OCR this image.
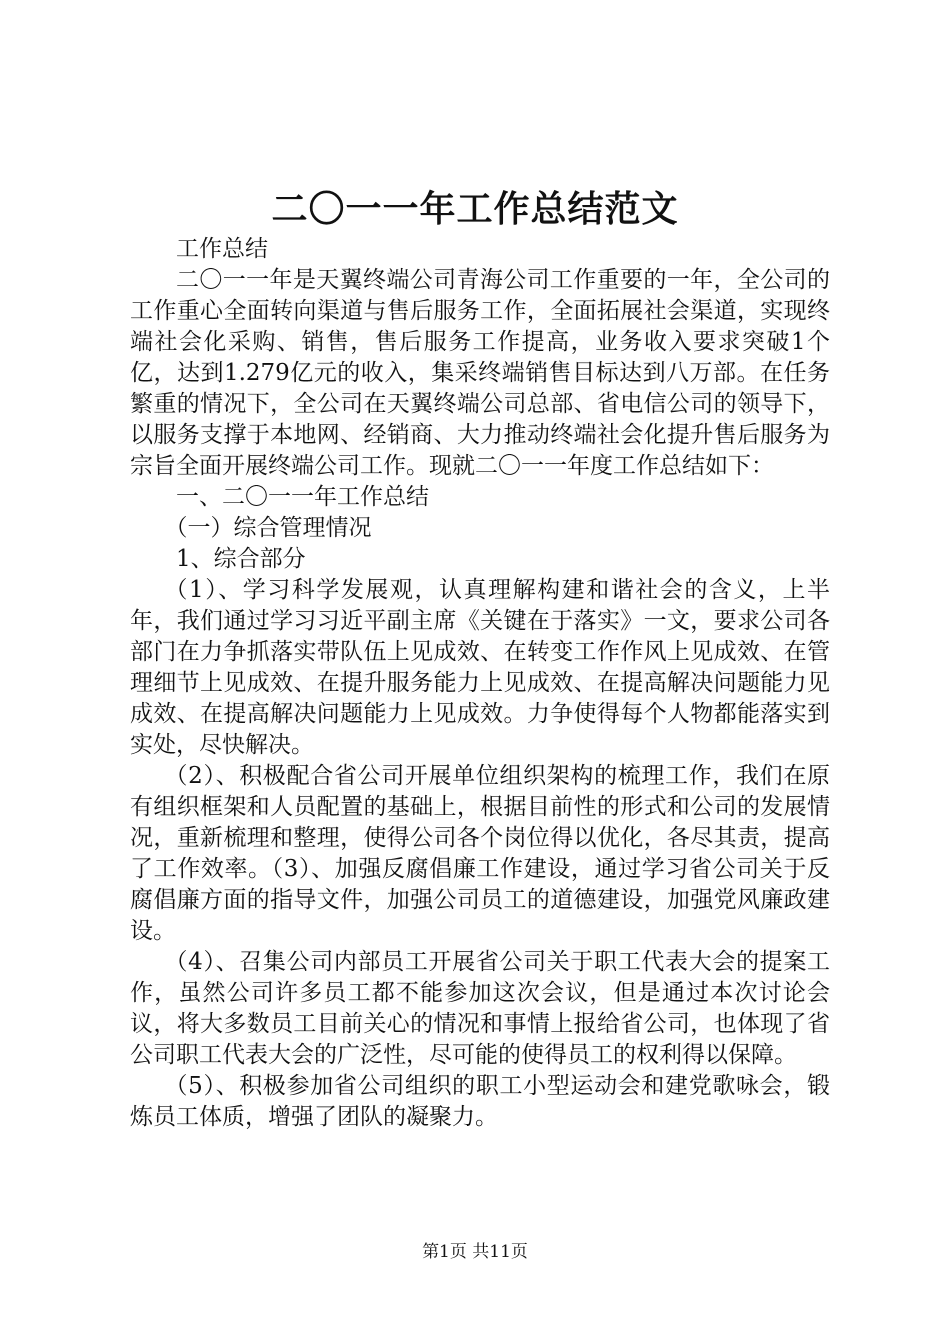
二〇一一年工作总结范文

工作总结

二〇一一年是天翼终端公司青海公司工作重要的一年，全公司的工作重心全面转向渠道与售后服务工作，全面拓展社会渠道，实现终端社会化采购、销售，售后服务工作提高，业务收入要求突破1个亿，达到1.279亿元的收入，集采终端销售目标达到八万部。在任务繁重的情况下，全公司在天翼终端公司总部、省电信公司的领导下，以服务支撑于本地网、经销商、大力推动终端社会化提升售后服务为宗旨全面开展终端公司工作。现就二〇一一年度工作总结如下：

一、二〇一一年工作总结

（一）综合管理情况

1、综合部分

（1）、学习科学发展观，认真理解构建和谐社会的含义，上半年，我们通过学习习近平副主席《关键在于落实》一文，要求公司各部门在力争抓落实带队伍上见成效、在转变工作作风上见成效、在管理细节上见成效、在提升服务能力上见成效、在提高解决问题能力见成效、在提高解决问题能力上见成效。力争使得每个人物都能落实到实处，尽快解决。

（2）、积极配合省公司开展单位组织架构的梳理工作，我们在原有组织框架和人员配置的基础上，根据目前性的形式和公司的发展情况，重新梳理和整理，使得公司各个岗位得以优化，各尽其责，提高了工作效率。（3）、加强反腐倡廉工作建设，通过学习省公司关于反腐倡廉方面的指导文件，加强公司员工的道德建设，加强党风廉政建设。

（4）、召集公司内部员工开展省公司关于职工代表大会的提案工作，虽然公司许多员工都不能参加这次会议，但是通过本次讨论会议，将大多数员工目前关心的情况和事情上报给省公司，也体现了省公司职工代表大会的广泛性，尽可能的使得员工的权利得以保障。

（5）、积极参加省公司组织的职工小型运动会和建党歌咏会，锻炼员工体质，增强了团队的凝聚力。

第1页 共11页
